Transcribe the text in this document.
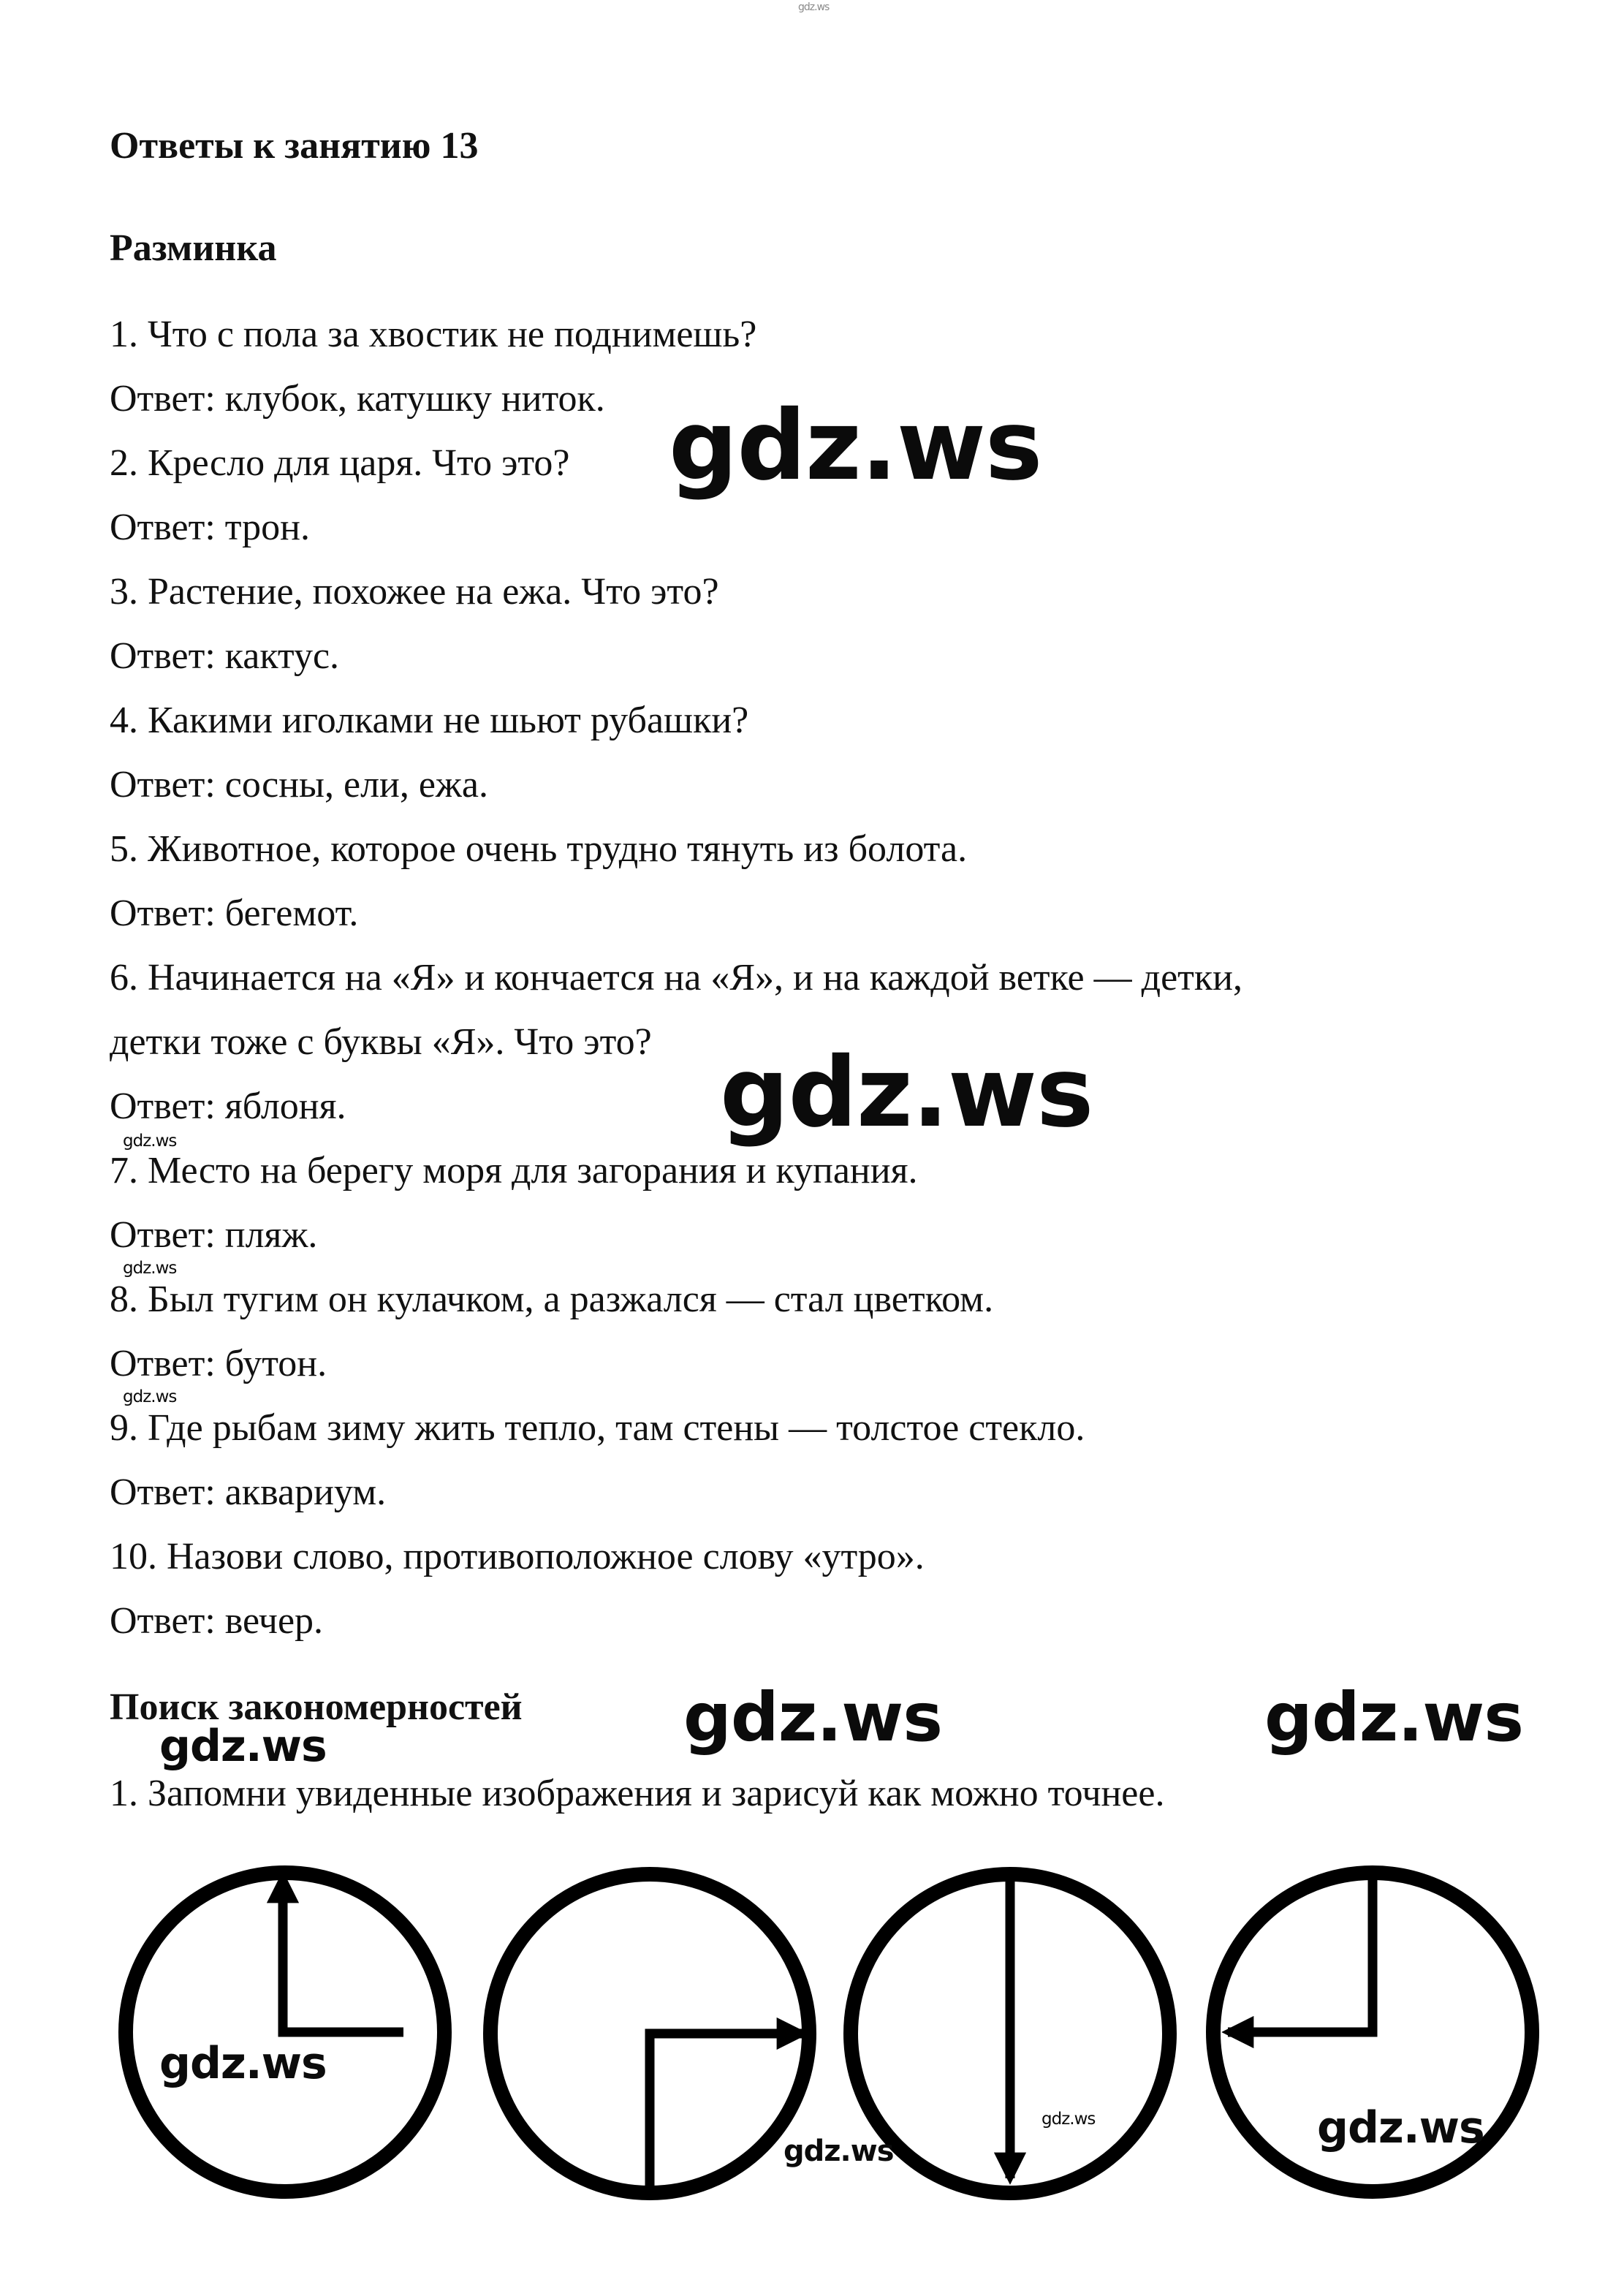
gdz.ws
Ответы к занятию 13
Разминка
1. Что с пола за хвостик не поднимешь?
Ответ: клубок, катушку ниток.
2. Кресло для царя. Что это?
Ответ: трон.
3. Растение, похожее на ежа. Что это?
Ответ: кактус.
4. Какими иголками не шьют рубашки?
Ответ: сосны, ели, ежа.
5. Животное, которое очень трудно тянуть из болота.
Ответ: бегемот.
6. Начинается на «Я» и кончается на «Я», и на каждой ветке — детки,
детки тоже с буквы «Я». Что это?
Ответ: яблоня.
7. Место на берегу моря для загорания и купания.
Ответ: пляж.
8. Был тугим он кулачком, а разжался — стал цветком.
Ответ: бутон.
9. Где рыбам зиму жить тепло, там стены — толстое стекло.
Ответ: аквариум.
10. Назови слово, противоположное слову «утро».
Ответ: вечер.
Поиск закономерностей
1. Запомни увиденные изображения и зарисуй как можно точнее.
gdz.ws
gdz.ws
gdz.ws
gdz.ws
gdz.ws
gdz.ws	gdz.ws
gdz.ws
gdz.ws
gdz.ws
gdz.ws
gdz.ws
